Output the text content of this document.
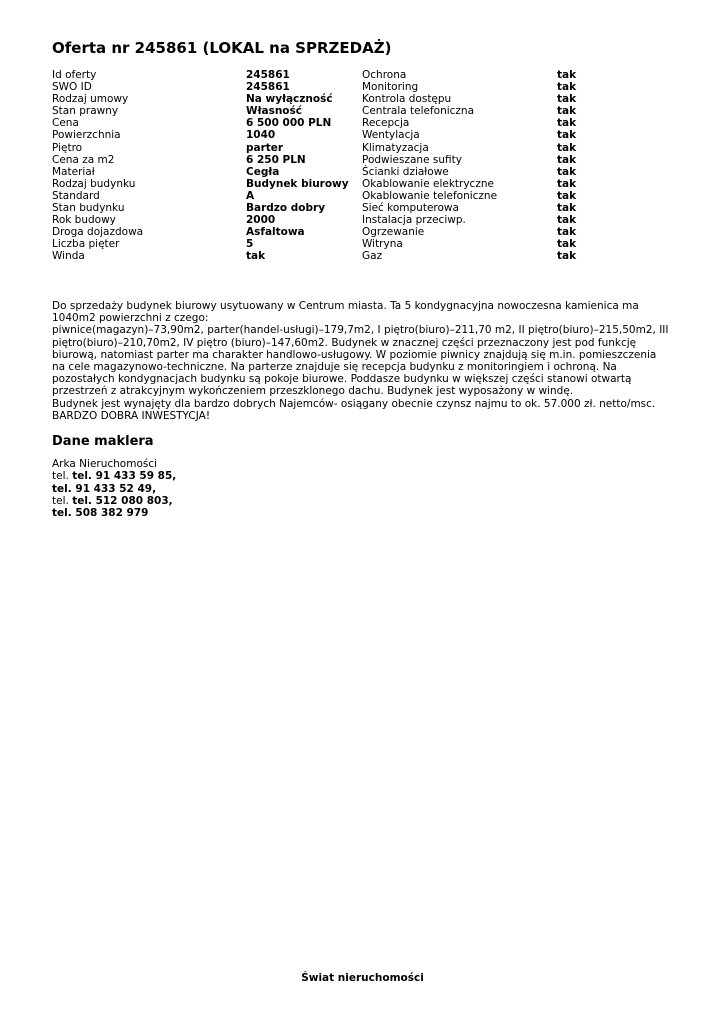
Oferta nr 245861 (LOKAL na SPRZEDAŻ)
Id oferty	245861	Ochrona	tak
SWO ID	245861	Monitoring	tak
Rodzaj umowy	Na wyłączność	Kontrola dostępu	tak
Stan prawny	Własność	Centrala telefoniczna	tak
Cena	6 500 000 PLN	Recepcja	tak
Powierzchnia	1040	Wentylacja	tak
Piętro	parter	Klimatyzacja	tak
Cena za m2	6 250 PLN	Podwieszane sufity	tak
Materiał	Cegła	Ścianki działowe	tak
Rodzaj budynku	Budynek biurowy	Okablowanie elektryczne	tak
Standard	A	Okablowanie telefoniczne	tak
Stan budynku	Bardzo dobry	Sieć komputerowa	tak
Rok budowy	2000	Instalacja przeciwp.	tak
Droga dojazdowa	Asfaltowa	Ogrzewanie	tak
Liczba pięter	5	Witryna	tak
Winda	tak	Gaz	tak

Do sprzedaży budynek biurowy usytuowany w Centrum miasta. Ta 5 kondygnacyjna nowoczesna kamienica ma 1040m2 powierzchni z czego:

piwnice(magazyn)–73,90m2, parter(handel-usługi)–179,7m2, I piętro(biuro)–211,70 m2, II piętro(biuro)–215,50m2, III piętro(biuro)–210,70m2, IV piętro (biuro)–147,60m2. Budynek w znacznej części przeznaczony jest pod funkcję biurową, natomiast parter ma charakter handlowo-usługowy. W poziomie piwnicy znajdują się m.in. pomieszczenia na cele magazynowo-techniczne. Na parterze znajduje się recepcja budynku z monitoringiem i ochroną. Na pozostałych kondygnacjach budynku są pokoje biurowe. Poddasze budynku w większej części stanowi otwartą przestrzeń z atrakcyjnym wykończeniem przeszklonego dachu. Budynek jest wyposażony w windę.

Budynek jest wynajęty dla bardzo dobrych Najemców- osiągany obecnie czynsz najmu to ok. 57.000 zł. netto/msc.

BARDZO DOBRA INWESTYCJA!

Dane maklera
Arka Nieruchomości
tel. tel. 91 433 59 85,
tel. 91 433 52 49,
tel. tel. 512 080 803,
tel. 508 382 979
Świat nieruchomości
